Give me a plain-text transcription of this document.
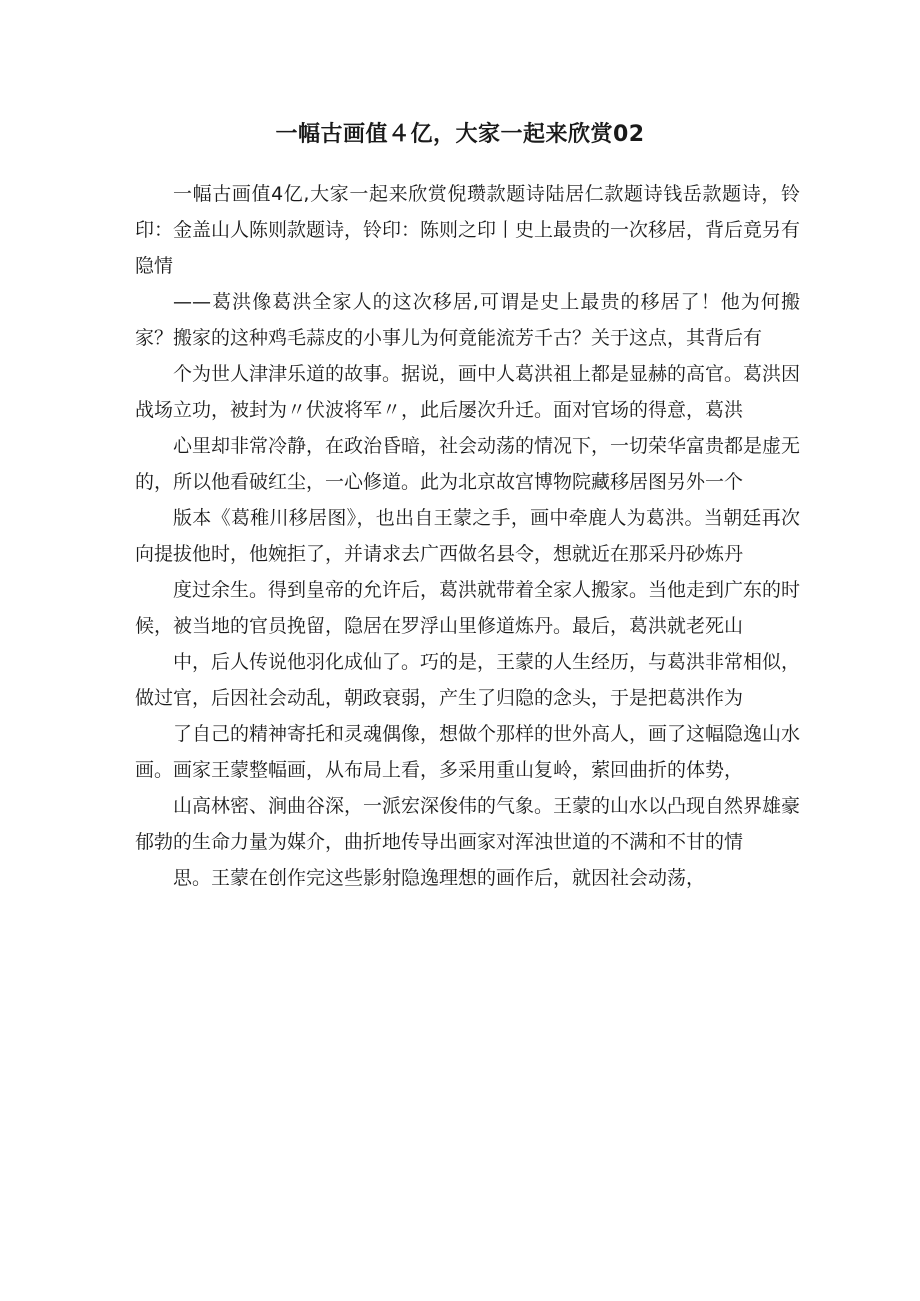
一幅古画值４亿，大家一起来欣赏02

一幅古画值4亿,大家一起来欣赏倪瓒款题诗陆居仁款题诗钱岳款题诗，铃印：金盖山人陈则款题诗，铃印：陈则之印丨史上最贵的一次移居，背后竟另有隐情

——葛洪像葛洪全家人的这次移居,可谓是史上最贵的移居了！他为何搬家？搬家的这种鸡毛蒜皮的小事儿为何竟能流芳千古？关于这点，其背后有

个为世人津津乐道的故事。据说，画中人葛洪祖上都是显赫的高官。葛洪因战场立功，被封为〃伏波将军〃，此后屡次升迁。面对官场的得意，葛洪

心里却非常冷静，在政治昏暗，社会动荡的情况下，一切荣华富贵都是虚无的，所以他看破红尘，一心修道。此为北京故宫博物院藏移居图另外一个

版本《葛稚川移居图》，也出自王蒙之手，画中牵鹿人为葛洪。当朝廷再次向提拔他时，他婉拒了，并请求去广西做名县令，想就近在那采丹砂炼丹

度过余生。得到皇帝的允许后，葛洪就带着全家人搬家。当他走到广东的时候，被当地的官员挽留，隐居在罗浮山里修道炼丹。最后，葛洪就老死山

中，后人传说他羽化成仙了。巧的是，王蒙的人生经历，与葛洪非常相似，做过官，后因社会动乱，朝政衰弱，产生了归隐的念头，于是把葛洪作为

了自己的精神寄托和灵魂偶像，想做个那样的世外高人，画了这幅隐逸山水画。画家王蒙整幅画，从布局上看，多采用重山复岭，萦回曲折的体势，

山高林密、涧曲谷深，一派宏深俊伟的气象。王蒙的山水以凸现自然界雄豪郁勃的生命力量为媒介，曲折地传导出画家对浑浊世道的不满和不甘的情

思。王蒙在创作完这些影射隐逸理想的画作后，就因社会动荡，
